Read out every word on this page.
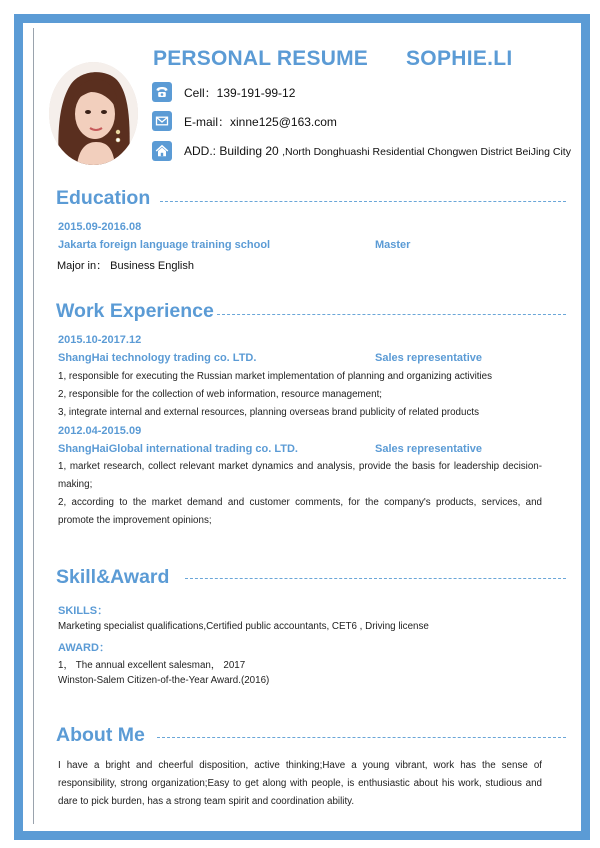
PERSONAL RESUME SOPHIE.LI
Cell：139-191-99-12
E-mail：xinne125@163.com
ADD.: Building 20 ,North Donghuashi Residential Chongwen District BeiJing City
Education
2015.09-2016.08
Jakarta foreign language training school	Master
Major in： Business English
Work Experience
2015.10-2017.12
ShangHai technology trading co. LTD.	Sales representative
1, responsible for executing the Russian market implementation of planning and organizing activities
2, responsible for the collection of web information, resource management;
3, integrate internal and external resources, planning overseas brand publicity of related products
2012.04-2015.09
ShangHaiGlobal international trading co. LTD.	Sales representative
1, market research, collect relevant market dynamics and analysis, provide the basis for leadership decision-making;
2, according to the market demand and customer comments, for the company's products, services, and promote the improvement opinions;
Skill&Award
SKILLS：
Marketing specialist qualifications,Certified public accountants, CET6 , Driving license
AWARD：
1， The annual excellent salesman， 2017
Winston-Salem Citizen-of-the-Year Award.(2016)
About Me
I have a bright and cheerful disposition, active thinking;Have a young vibrant, work has the sense of responsibility, strong organization;Easy to get along with people, is enthusiastic about his work, studious and dare to pick burden, has a strong team spirit and coordination ability.
